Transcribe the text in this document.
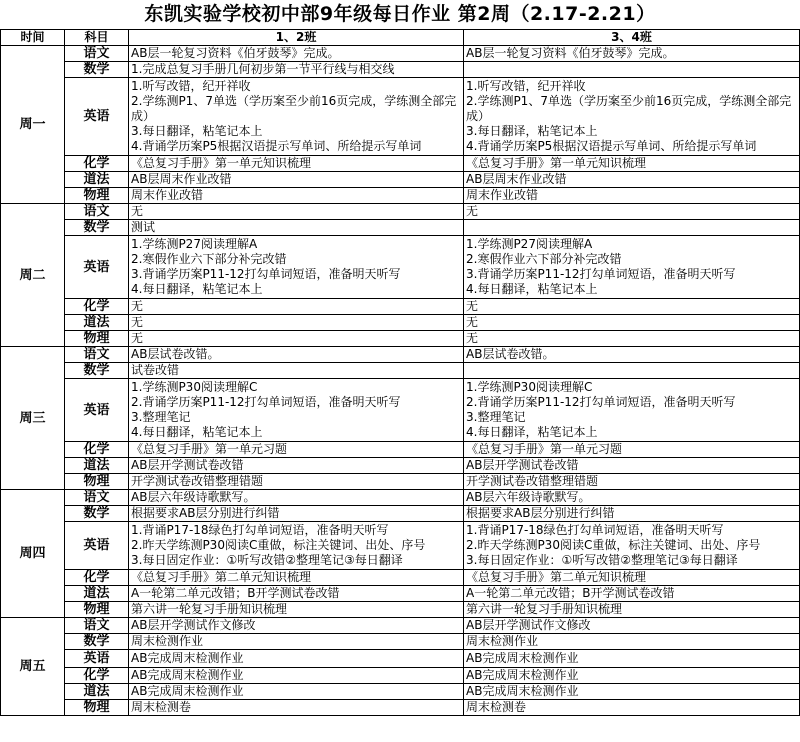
东凯实验学校初中部9年级每日作业 第2周（2.17-2.21）
时间	科目	1、2班	3、4班
周一	语文	AB层一轮复习资料《伯牙鼓琴》完成。	AB层一轮复习资料《伯牙鼓琴》完成。

	数学	1.完成总复习手册几何初步第一节平行线与相交线	

	英语	1.听写改错，纪开祥收
2.学练测P1、7单选（学历案至少前16页完成，学练测全部完成）
3.每日翻译，粘笔记本上
4.背诵学历案P5根据汉语提示写单词、所给提示写单词	1.听写改错，纪开祥收
2.学练测P1、7单选（学历案至少前16页完成，学练测全部完成）
3.每日翻译，粘笔记本上
4.背诵学历案P5根据汉语提示写单词、所给提示写单词

	化学	《总复习手册》第一单元知识梳理	《总复习手册》第一单元知识梳理

	道法	AB层周末作业改错	AB层周末作业改错

	物理	周末作业改错	周末作业改错

周二	语文	无	无

	数学	测试	

	英语	1.学练测P27阅读理解A
2.寒假作业六下部分补完改错
3.背诵学历案P11-12打勾单词短语，准备明天听写
4.每日翻译，粘笔记本上	1.学练测P27阅读理解A
2.寒假作业六下部分补完改错
3.背诵学历案P11-12打勾单词短语，准备明天听写
4.每日翻译，粘笔记本上

	化学	无	无

	道法	无	无

	物理	无	无

周三	语文	AB层试卷改错。	AB层试卷改错。

	数学	试卷改错	

	英语	1.学练测P30阅读理解C
2.背诵学历案P11-12打勾单词短语，准备明天听写
3.整理笔记
4.每日翻译，粘笔记本上	1.学练测P30阅读理解C
2.背诵学历案P11-12打勾单词短语，准备明天听写
3.整理笔记
4.每日翻译，粘笔记本上

	化学	《总复习手册》第一单元习题	《总复习手册》第一单元习题

	道法	AB层开学测试卷改错	AB层开学测试卷改错

	物理	开学测试卷改错整理错题	开学测试卷改错整理错题

周四	语文	AB层六年级诗歌默写。	AB层六年级诗歌默写。

	数学	根据要求AB层分别进行纠错	根据要求AB层分别进行纠错

	英语	1.背诵P17-18绿色打勾单词短语，准备明天听写
2.昨天学练测P30阅读C重做，标注关键词、出处、序号
3.每日固定作业：①听写改错②整理笔记③每日翻译	1.背诵P17-18绿色打勾单词短语，准备明天听写
2.昨天学练测P30阅读C重做，标注关键词、出处、序号
3.每日固定作业：①听写改错②整理笔记③每日翻译

	化学	《总复习手册》第二单元知识梳理	《总复习手册》第二单元知识梳理

	道法	A一轮第二单元改错；B开学测试卷改错	A一轮第二单元改错；B开学测试卷改错

	物理	第六讲一轮复习手册知识梳理	第六讲一轮复习手册知识梳理

周五	语文	AB层开学测试作文修改	AB层开学测试作文修改

	数学	周末检测作业	周末检测作业

	英语	AB完成周末检测作业	AB完成周末检测作业

	化学	AB完成周末检测作业	AB完成周末检测作业

	道法	AB完成周末检测作业	AB完成周末检测作业

	物理	周末检测卷	周末检测卷
